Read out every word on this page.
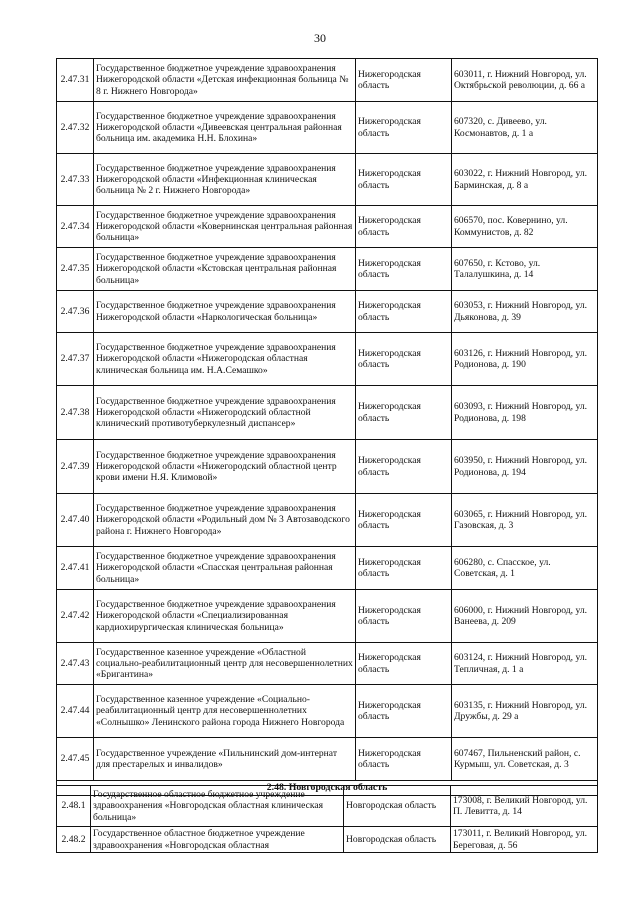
30
2.47.31	Государственное бюджетное учреждение здравоохранения Нижегородской области «Детская инфекционная больница № 8 г. Нижнего Новгорода»	Нижегородская область	603011, г. Нижний Новгород, ул. Октябрьской революции, д. 66 а
2.47.32	Государственное бюджетное учреждение здравоохранения Нижегородской области «Дивеевская центральная районная больница им. академика Н.Н. Блохина»	Нижегородская область	607320, с. Дивеево, ул. Космонавтов, д. 1 а
2.47.33	Государственное бюджетное учреждение здравоохранения Нижегородской области «Инфекционная клиническая больница № 2 г. Нижнего Новгорода»	Нижегородская область	603022, г. Нижний Новгород, ул. Барминская, д. 8 а
2.47.34	Государственное бюджетное учреждение здравоохранения Нижегородской области «Ковернинская центральная районная больница»	Нижегородская область	606570, пос. Ковернино, ул. Коммунистов, д. 82
2.47.35	Государственное бюджетное учреждение здравоохранения Нижегородской области «Кстовская центральная районная больница»	Нижегородская область	607650, г. Кстово, ул. Талалушкина, д. 14
2.47.36	Государственное бюджетное учреждение здравоохранения Нижегородской области «Наркологическая больница»	Нижегородская область	603053, г. Нижний Новгород, ул. Дьяконова, д. 39
2.47.37	Государственное бюджетное учреждение здравоохранения Нижегородской области «Нижегородская областная клиническая больница им. Н.А.Семашко»	Нижегородская область	603126, г. Нижний Новгород, ул. Родионова, д. 190
2.47.38	Государственное бюджетное учреждение здравоохранения Нижегородской области «Нижегородский областной клинический противотуберкулезный диспансер»	Нижегородская область	603093, г. Нижний Новгород, ул. Родионова, д. 198
2.47.39	Государственное бюджетное учреждение здравоохранения Нижегородской области «Нижегородский областной центр крови имени Н.Я. Климовой»	Нижегородская область	603950, г. Нижний Новгород, ул. Родионова, д. 194
2.47.40	Государственное бюджетное учреждение здравоохранения Нижегородской области «Родильный дом № 3 Автозаводского района г. Нижнего Новгорода»	Нижегородская область	603065, г. Нижний Новгород, ул. Газовская, д. 3
2.47.41	Государственное бюджетное учреждение здравоохранения Нижегородской области «Спасская центральная районная больница»	Нижегородская область	606280, с. Спасское, ул. Советская, д. 1
2.47.42	Государственное бюджетное учреждение здравоохранения Нижегородской области «Специализированная кардиохирургическая клиническая больница»	Нижегородская область	606000, г. Нижний Новгород, ул. Ванеева, д. 209
2.47.43	Государственное казенное учреждение «Областной социально-реабилитационный центр для несовершеннолетних «Бригантина»	Нижегородская область	603124, г. Нижний Новгород, ул. Тепличная, д. 1 а
2.47.44	Государственное казенное учреждение «Социально-реабилитационный центр для несовершеннолетних «Солнышко» Ленинского района города Нижнего Новгорода	Нижегородская область	603135, г. Нижний Новгород, ул. Дружбы, д. 29 а
2.47.45	Государственное учреждение «Пильнинский дом-интернат для престарелых и инвалидов»	Нижегородская область	607467, Пильненский район, с. Курмыш, ул. Советская, д. 3
2.48. Новгородская область			
2.48.1	Государственное областное бюджетное учреждение здравоохранения «Новгородская областная клиническая больница»	Новгородская область	173008, г. Великий Новгород, ул. П. Левитта, д. 14
2.48.2	Государственное областное бюджетное учреждение здравоохранения «Новгородская областная	Новгородская область	173011, г. Великий Новгород, ул. Береговая, д. 56
